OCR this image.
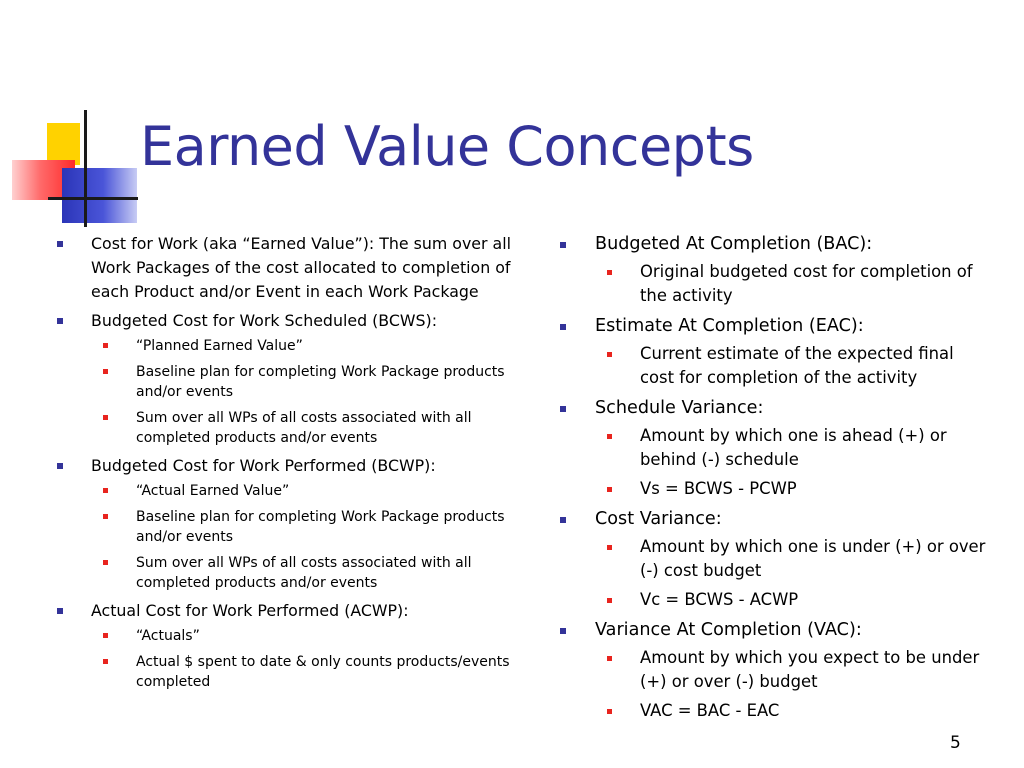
Earned Value Concepts
Cost for Work (aka “Earned Value”): The sum over all Work Packages of the cost allocated to completion of each Product and/or Event in each Work Package
Budgeted Cost for Work Scheduled (BCWS):
“Planned Earned Value”
Baseline plan for completing Work Package products and/or events
Sum over all WPs of all costs associated with all completed products and/or events
Budgeted Cost for Work Performed (BCWP):
“Actual Earned Value”
Baseline plan for completing Work Package products and/or events
Sum over all WPs of all costs associated with all completed products and/or events
Actual Cost for Work Performed (ACWP):
“Actuals”
Actual $ spent to date & only counts products/events completed
Budgeted At Completion (BAC):
Original budgeted cost for completion of the activity
Estimate At Completion (EAC):
Current estimate of the expected final cost for completion of the activity
Schedule Variance:
Amount by which one is ahead (+) or behind (-) schedule
Vs = BCWS - PCWP
Cost Variance:
Amount by which one is under (+) or over (-) cost budget
Vc = BCWS - ACWP
Variance At Completion (VAC):
Amount by which you expect to be under (+) or over (-) budget
VAC = BAC - EAC
5
